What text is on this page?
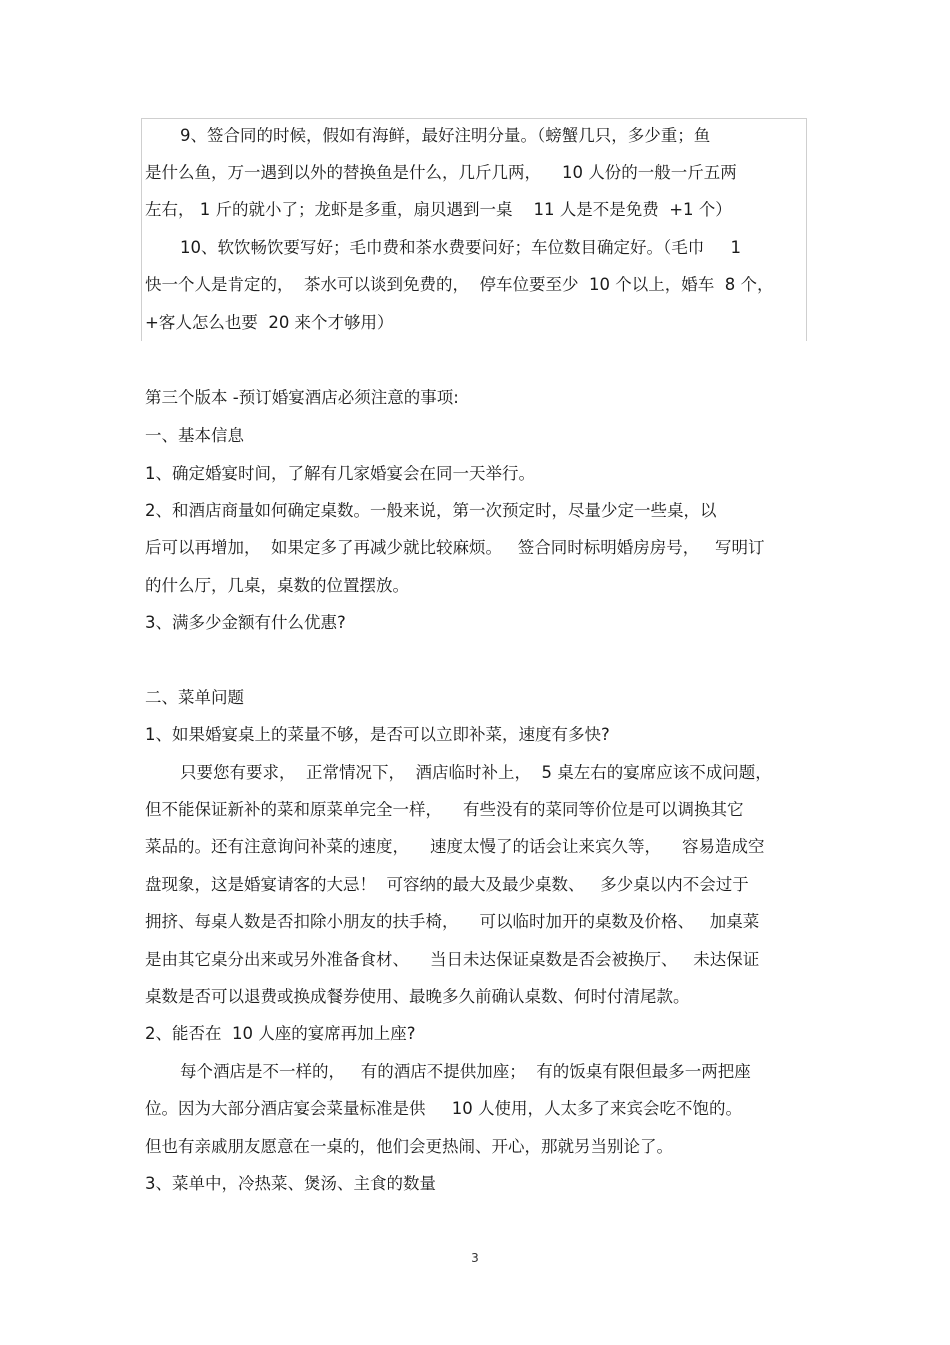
9、签合同的时候，假如有海鲜，最好注明分量。（螃蟹几只，多少重；鱼
是什么鱼，万一遇到以外的替换鱼是什么，几斤几两，    10 人份的一般一斤五两
左右， 1 斤的就小了；龙虾是多重，扇贝遇到一桌    11 人是不是免费  +1 个）
10、软饮畅饮要写好；毛巾费和茶水费要问好；车位数目确定好。（毛巾     1
快一个人是肯定的，  茶水可以谈到免费的，  停车位要至少  10 个以上，婚车  8 个，
+客人怎么也要  20 来个才够用）
第三个版本 -预订婚宴酒店必须注意的事项:
一、基本信息
1、确定婚宴时间，了解有几家婚宴会在同一天举行。
2、和酒店商量如何确定桌数。一般来说，第一次预定时，尽量少定一些桌，以
后可以再增加，  如果定多了再减少就比较麻烦。   签合同时标明婚房房号，   写明订
的什么厅，几桌，桌数的位置摆放。
3、满多少金额有什么优惠?
二、菜单问题
1、如果婚宴桌上的菜量不够，是否可以立即补菜，速度有多快?
只要您有要求，  正常情况下，  酒店临时补上，  5 桌左右的宴席应该不成问题，
但不能保证新补的菜和原菜单完全一样，    有些没有的菜同等价位是可以调换其它
菜品的。还有注意询问补菜的速度，    速度太慢了的话会让来宾久等，    容易造成空
盘现象，这是婚宴请客的大忌！  可容纳的最大及最少桌数、   多少桌以内不会过于
拥挤、每桌人数是否扣除小朋友的扶手椅，    可以临时加开的桌数及价格、   加桌菜
是由其它桌分出来或另外准备食材、    当日未达保证桌数是否会被换厅、   未达保证
桌数是否可以退费或换成餐券使用、最晚多久前确认桌数、何时付清尾款。
2、能否在  10 人座的宴席再加上座?
每个酒店是不一样的，   有的酒店不提供加座；  有的饭桌有限但最多一两把座
位。因为大部分酒店宴会菜量标准是供     10 人使用，人太多了来宾会吃不饱的。
但也有亲戚朋友愿意在一桌的，他们会更热闹、开心，那就另当别论了。
3、菜单中，冷热菜、煲汤、主食的数量
3
